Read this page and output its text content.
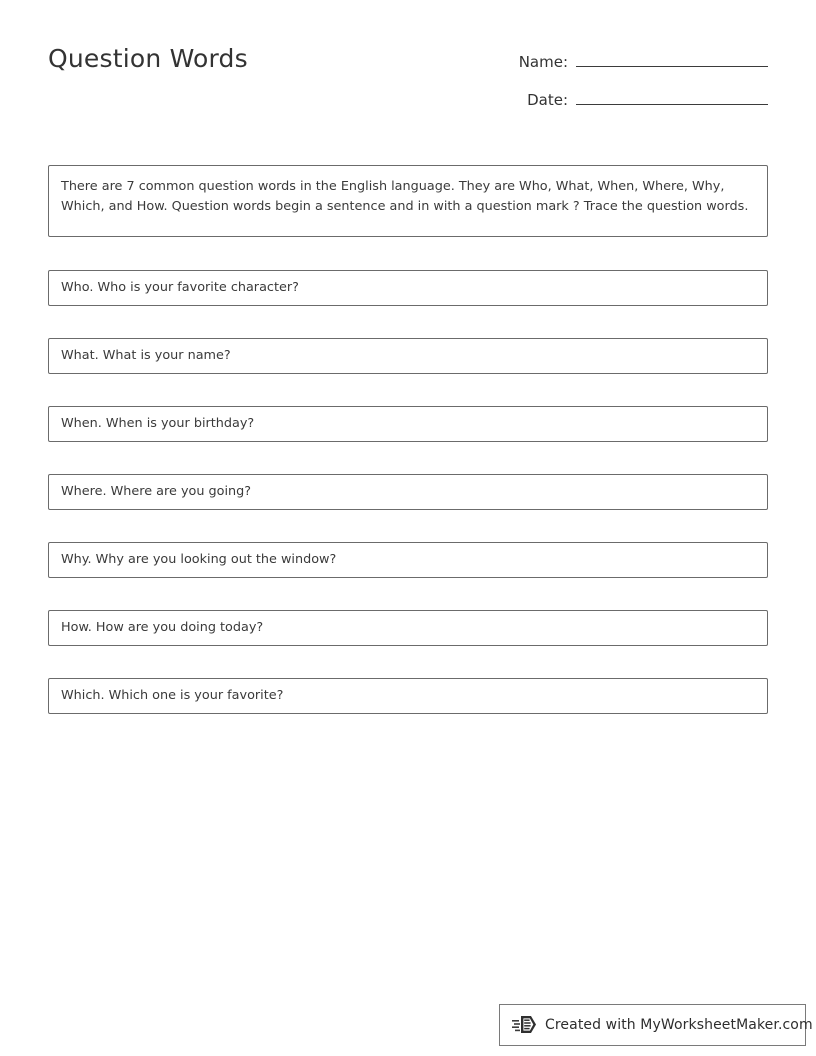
Question Words	Name:
Date:
There are 7 common question words in the English language. They are Who, What, When, Where, Why, Which, and How. Question words begin a sentence and in with a question mark ? Trace the question words.
Who. Who is your favorite character?
What. What is your name?
When. When is your birthday?
Where. Where are you going?
Why. Why are you looking out the window?
How. How are you doing today?
Which. Which one is your favorite?
Created with MyWorksheetMaker.com
